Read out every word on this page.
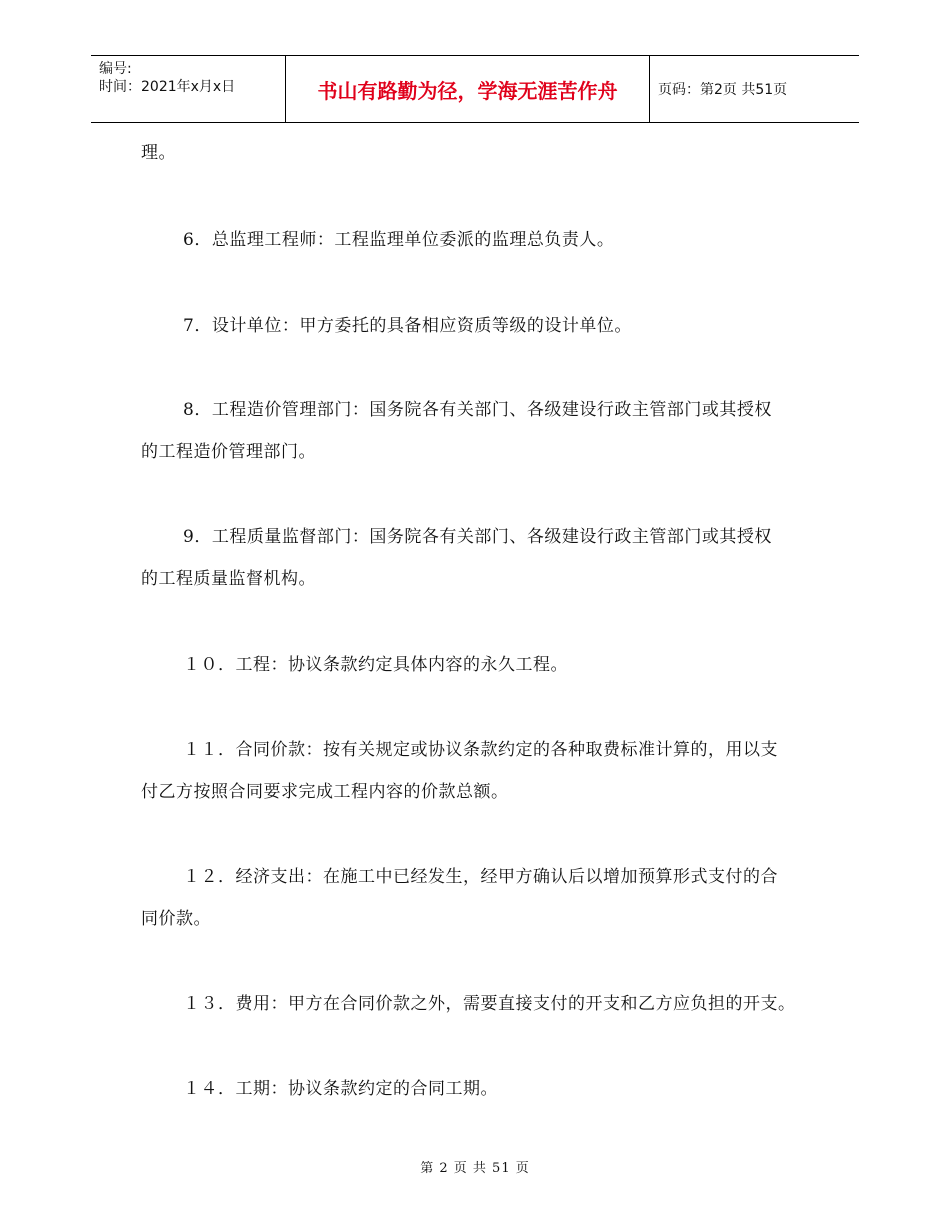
编号:
时间：2021年x月x日	书山有路勤为径，学海无涯苦作舟	页码：第2页 共51页
理。
6．总监理工程师：工程监理单位委派的监理总负责人。
7．设计单位：甲方委托的具备相应资质等级的设计单位。
8．工程造价管理部门：国务院各有关部门、各级建设行政主管部门或其授权
的工程造价管理部门。
9．工程质量监督部门：国务院各有关部门、各级建设行政主管部门或其授权
的工程质量监督机构。
１０．工程：协议条款约定具体内容的永久工程。
１１．合同价款：按有关规定或协议条款约定的各种取费标准计算的，用以支
付乙方按照合同要求完成工程内容的价款总额。
１２．经济支出：在施工中已经发生，经甲方确认后以增加预算形式支付的合
同价款。
１３．费用：甲方在合同价款之外，需要直接支付的开支和乙方应负担的开支。
１４．工期：协议条款约定的合同工期。
第 2 页 共 51 页
